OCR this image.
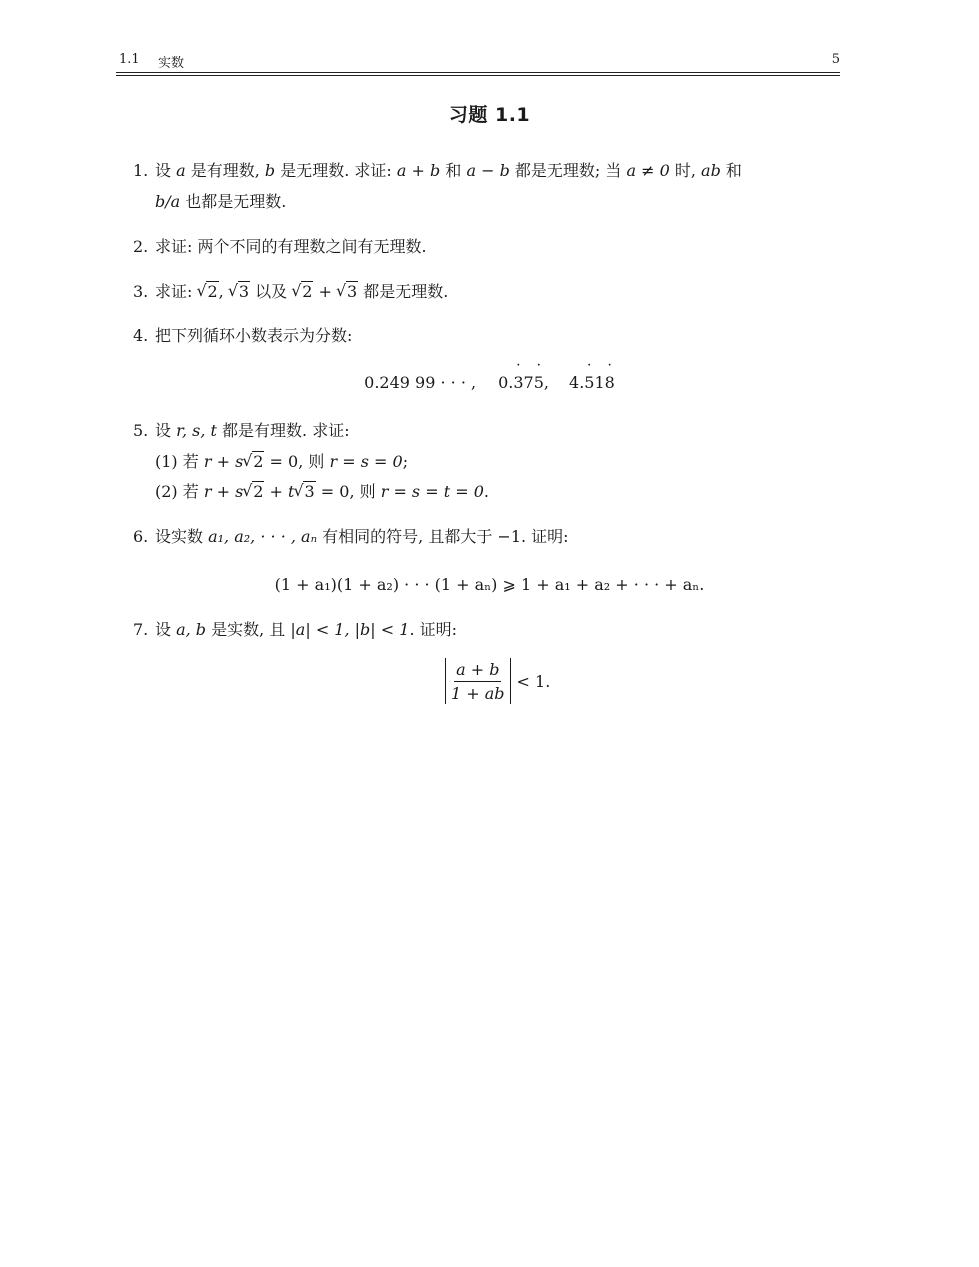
1.1 实数	5
习题 1.1
1. 设 a 是有理数, b 是无理数. 求证: a + b 和 a − b 都是无理数; 当 a ≠ 0 时, ab 和
b/a 也都是无理数.
2. 求证: 两个不同的有理数之间有无理数.
3. 求证: √ 2, √ 3 以及 √ 2 + √ 3 都是无理数.
4. 把下列循环小数表示为分数:
0.249 99 · · · , 0.3 ˙75 ˙, 4.5 ˙18 ˙
5. 设 r, s, t 都是有理数. 求证:
(1) 若 r + s √ 2 = 0, 则 r = s = 0;
(2) 若 r + s √ 2 + t √ 3 = 0, 则 r = s = t = 0.
6. 设实数 a₁, a₂, · · · , aₙ 有相同的符号, 且都大于 −1. 证明:
(1 + a₁)(1 + a₂) · · · (1 + aₙ) ⩾ 1 + a₁ + a₂ + · · · + aₙ.
7. 设 a, b 是实数, 且 |a| < 1, |b| < 1. 证明:
$\frac{a + b}{1 + ab} < 1$.
